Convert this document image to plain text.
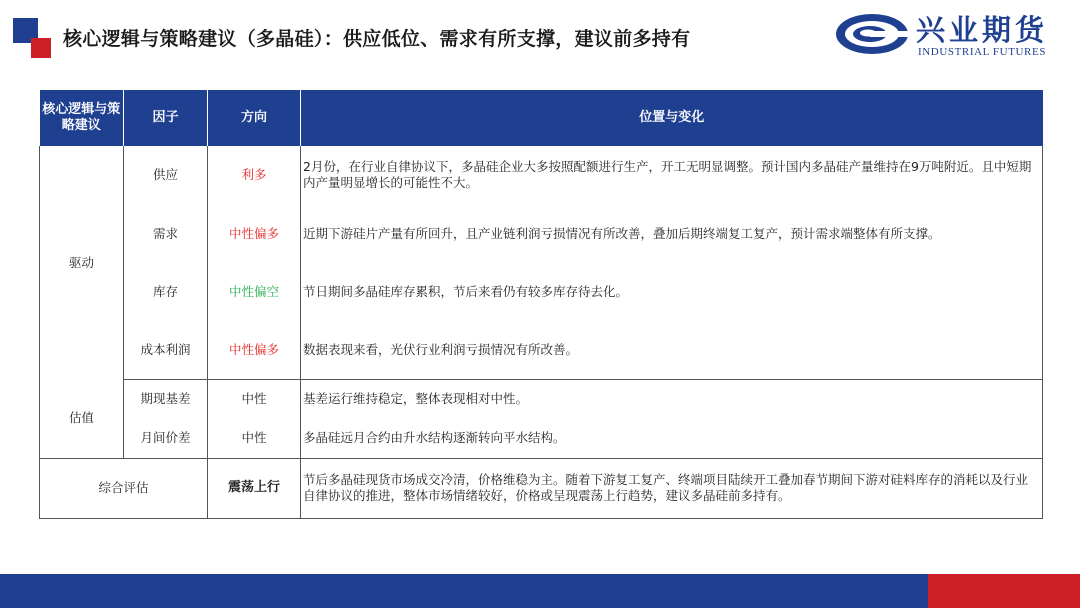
核心逻辑与策略建议（多晶硅）：供应低位、需求有所支撑，建议前多持有	兴业期货
INDUSTRIAL FUTURES
核心逻辑与策略建议	因子	方向	位置与变化
驱动	供应	利多	2月份，在行业自律协议下，多晶硅企业大多按照配额进行生产，开工无明显调整。预计国内多晶硅产量维持在9万吨附近。且中短期内产量明显增长的可能性不大。
	需求	中性偏多	近期下游硅片产量有所回升，且产业链利润亏损情况有所改善，叠加后期终端复工复产，预计需求端整体有所支撑。
	库存	中性偏空	节日期间多晶硅库存累积，节后来看仍有较多库存待去化。
	成本利润	中性偏多	数据表现来看，光伏行业利润亏损情况有所改善。
估值	期现基差	中性	基差运行维持稳定，整体表现相对中性。
	月间价差	中性	多晶硅远月合约由升水结构逐渐转向平水结构。
综合评估		震荡上行	节后多晶硅现货市场成交冷清，价格维稳为主。随着下游复工复产、终端项目陆续开工叠加春节期间下游对硅料库存的消耗以及行业自律协议的推进，整体市场情绪较好，价格或呈现震荡上行趋势，建议多晶硅前多持有。
